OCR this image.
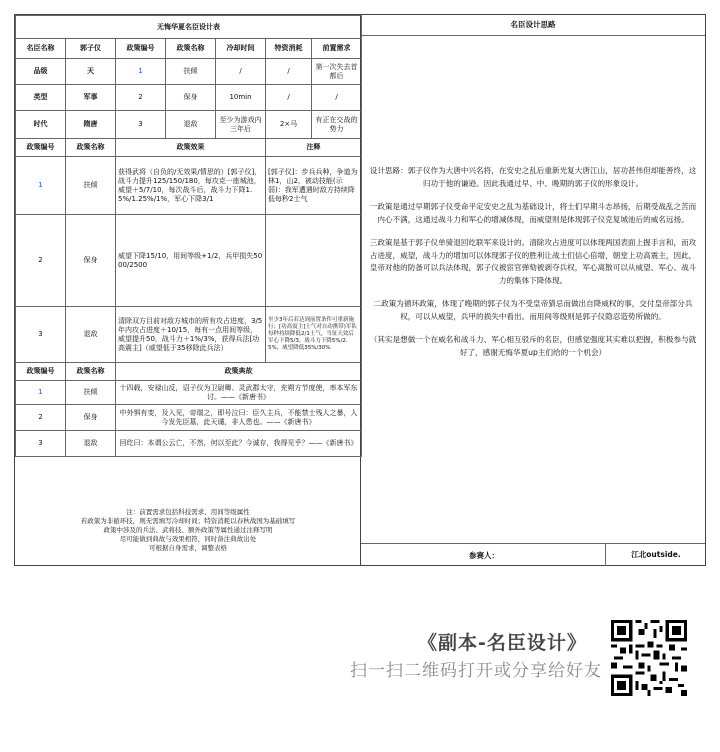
无悔华夏名臣设计表						
名臣名称	郭子仪	政策编号	政策名称	冷却时间	特资消耗	前置需求
品级	天	1	扶倾	/	/	第一次失去首都后
类型	军事	2	保身	10min	/	/
时代	隋唐	3	退敌	至少为游戏内三年后	2×马	有正在交战的势力
政策编号	政策名称	政策效果			注释	
1	扶倾	获得武将（自负的/无效果/情思的）[郭子仪]，战斗力提升125/150/180，每攻克一座城池，威望＋5/7/10，每次战斗后，战斗力下降1.5%/1.25%/1%，军心下降3/1			[郭子仪]：步兵兵种，争道为林1，山2，被动技能(示弱)：我军遭遇时敌方持续降低每秒2士气	
2	保身	威望下降15/10，用间等级+1/2，兵甲损失5000/2500				
3	退敌	清除双方目前对敌方城市的所有攻占进度，3/5年内攻占进度＋10/15，每有一点用间等级，威望提升50，战斗力＋1%/3%，获得兵法[功高震主]（威望低于35移除此兵法）			至少3年后若达到前置条件可重新施行；[功高震主]士气对自动携带)军队每秒持续降低2/1士气，当征天效后军心下降5/3，战斗力下降5%/2.5%，威望降低35%/30%	
政策编号	政策名称	政策典故				
1	扶倾	十四载，安禄山反，诏子仪为卫尉卿、灵武郡太守，充朔方节度使，率本军东讨。——《新唐书》				
2	保身	中外惧有变，及入见，帝瑞之，即号泣曰：臣久主兵，不能禁士残人之暴，人今发先臣墓，此天谴，非人患也。——《新唐书》				
3	退敌	回纥曰：本谓公云亡，不然，何以至此？今诚存，我得见乎？——《新唐书》				
注：前置需求包括科技需求、用间等级属性
若政策为非循环技，则无需填写冷却时间；特资消耗以春秋战国为基础填写
政策中涉及的兵法、武将技、额外政策等属性通过注释写明
尽可能做到典故与效果相符，同时备注典故出处
可根据自身需求，调整表格
名臣设计思路

设计思路：郭子仪作为大唐中兴名将，在安史之乱后重新光复大唐江山，居功甚伟但却能善终，这归功于他的谦逊。因此我通过早、中、晚期的郭子仪的形象设计。

一政策是通过早期郭子仪受命平定安史之乱为基础设计，将士们早期斗志昂扬，后期受战乱之苦而内心不满，这通过战斗力和军心的增减体现，而威望则是体现郭子仪克复城池后的威名远扬。

三政策是基于郭子仪单骑退回纥联军来设计的。清除攻占进度可以体现两国表面上握手言和，而攻占进度，威望，战斗力的增加可以体现郭子仪的胜利让战士们信心倍增，朝堂上功高震主，因此，皇帝对他的防备可以兵法体现，郭子仪被宦官弹劾被剥夺兵权，军心离散可以从威望、军心、战斗力的集体下降体现。

二政策为循环政策，体现了晚期的郭子仪为不受皇帝猜忌而做出自降威权的事，交付皇帝部分兵权，可以从威望，兵甲的损失中看出。而用间等级则是郭子仪隐忍造势所做的。

（其实是想做一个在威名和战斗力、军心相互驳斥的名臣，但感觉强度其实难以把握，积极参与就好了，感谢无悔华夏up主们给的一个机会）

参赛人：	江北outside.
《副本-名臣设计》
扫一扫二维码打开或分享给好友
